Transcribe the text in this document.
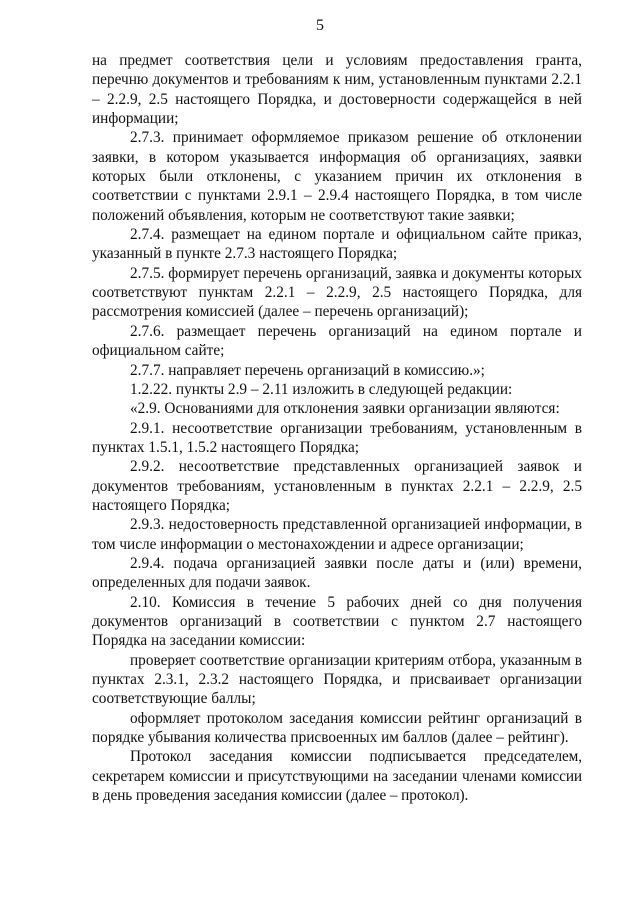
5

на предмет соответствия цели и условиям предоставления гранта, перечню документов и требованиям к ним, установленным пунктами 2.2.1 – 2.2.9, 2.5 настоящего Порядка, и достоверности содержащейся в ней информации;

2.7.3. принимает оформляемое приказом решение об отклонении заявки, в котором указывается информация об организациях, заявки которых были отклонены, с указанием причин их отклонения в соответствии с пунктами 2.9.1 – 2.9.4 настоящего Порядка, в том числе положений объявления, которым не соответствуют такие заявки;

2.7.4. размещает на едином портале и официальном сайте приказ, указанный в пункте 2.7.3 настоящего Порядка;

2.7.5. формирует перечень организаций, заявка и документы которых соответствуют пунктам 2.2.1 – 2.2.9, 2.5 настоящего Порядка, для рассмотрения комиссией (далее – перечень организаций);

2.7.6. размещает перечень организаций на едином портале и официальном сайте;

2.7.7. направляет перечень организаций в комиссию.»;

1.2.22. пункты 2.9 – 2.11 изложить в следующей редакции:

«2.9. Основаниями для отклонения заявки организации являются:

2.9.1. несоответствие организации требованиям, установленным в пунктах 1.5.1, 1.5.2 настоящего Порядка;

2.9.2. несоответствие представленных организацией заявок и документов требованиям, установленным в пунктах 2.2.1 – 2.2.9, 2.5 настоящего Порядка;

2.9.3. недостоверность представленной организацией информации, в том числе информации о местонахождении и адресе организации;

2.9.4. подача организацией заявки после даты и (или) времени, определенных для подачи заявок.

2.10. Комиссия в течение 5 рабочих дней со дня получения документов организаций в соответствии с пунктом 2.7 настоящего Порядка на заседании комиссии:

проверяет соответствие организации критериям отбора, указанным в пунктах 2.3.1, 2.3.2 настоящего Порядка, и присваивает организации соответствующие баллы;

оформляет протоколом заседания комиссии рейтинг организаций в порядке убывания количества присвоенных им баллов (далее – рейтинг).

Протокол заседания комиссии подписывается председателем, секретарем комиссии и присутствующими на заседании членами комиссии в день проведения заседания комиссии (далее – протокол).
